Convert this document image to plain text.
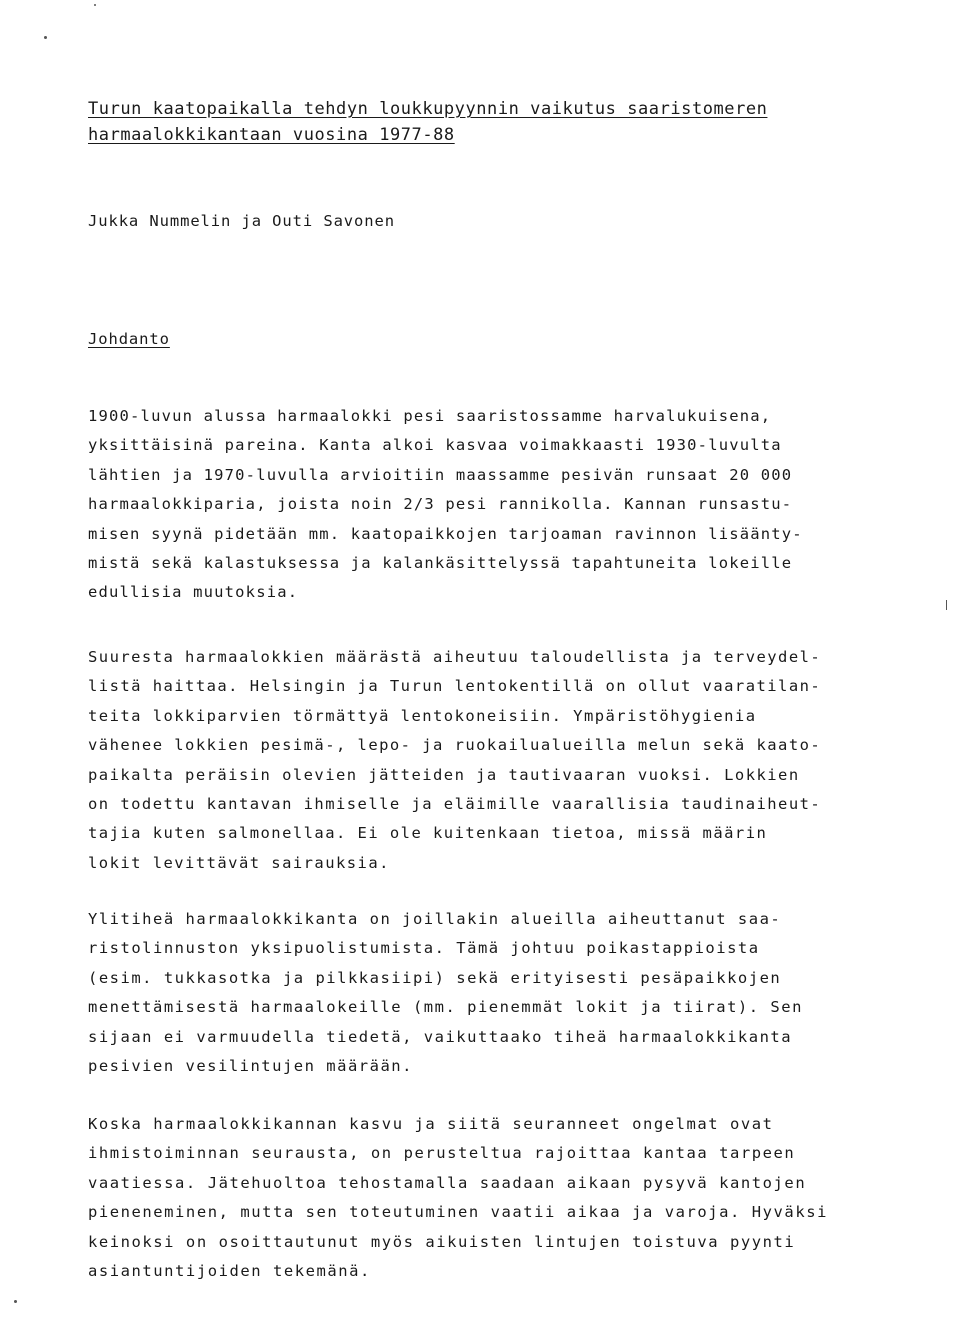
Turun kaatopaikalla tehdyn loukkupyynnin vaikutus saaristomeren
harmaalokkikantaan vuosina 1977-88
Jukka Nummelin ja Outi Savonen
Johdanto

1900-luvun alussa harmaalokki pesi saaristossamme harvalukuisena,
yksittäisinä pareina. Kanta alkoi kasvaa voimakkaasti 1930-luvulta
lähtien ja 1970-luvulla arvioitiin maassamme pesivän runsaat 20 000
harmaalokkiparia, joista noin 2/3 pesi rannikolla. Kannan runsastu-
misen syynä pidetään mm. kaatopaikkojen tarjoaman ravinnon lisäänty-
mistä sekä kalastuksessa ja kalankäsittelyssä tapahtuneita lokeille
edullisia muutoksia.

Suuresta harmaalokkien määrästä aiheutuu taloudellista ja terveydel-
listä haittaa. Helsingin ja Turun lentokentillä on ollut vaaratilan-
teita lokkiparvien törmättyä lentokoneisiin. Ympäristöhygienia
vähenee lokkien pesimä-, lepo- ja ruokailualueilla melun sekä kaato-
paikalta peräisin olevien jätteiden ja tautivaaran vuoksi. Lokkien
on todettu kantavan ihmiselle ja eläimille vaarallisia taudinaiheut-
tajia kuten salmonellaa. Ei ole kuitenkaan tietoa, missä määrin
lokit levittävät sairauksia.

Ylitiheä harmaalokkikanta on joillakin alueilla aiheuttanut saa-
ristolinnuston yksipuolistumista. Tämä johtuu poikastappioista
(esim. tukkasotka ja pilkkasiipi) sekä erityisesti pesäpaikkojen
menettämisestä harmaalokeille (mm. pienemmät lokit ja tiirat). Sen
sijaan ei varmuudella tiedetä, vaikuttaako tiheä harmaalokkikanta
pesivien vesilintujen määrään.

Koska harmaalokkikannan kasvu ja siitä seuranneet ongelmat ovat
ihmistoiminnan seurausta, on perusteltua rajoittaa kantaa tarpeen
vaatiessa. Jätehuoltoa tehostamalla saadaan aikaan pysyvä kantojen
pieneneminen, mutta sen toteutuminen vaatii aikaa ja varoja. Hyväksi
keinoksi on osoittautunut myös aikuisten lintujen toistuva pyynti
asiantuntijoiden tekemänä.
